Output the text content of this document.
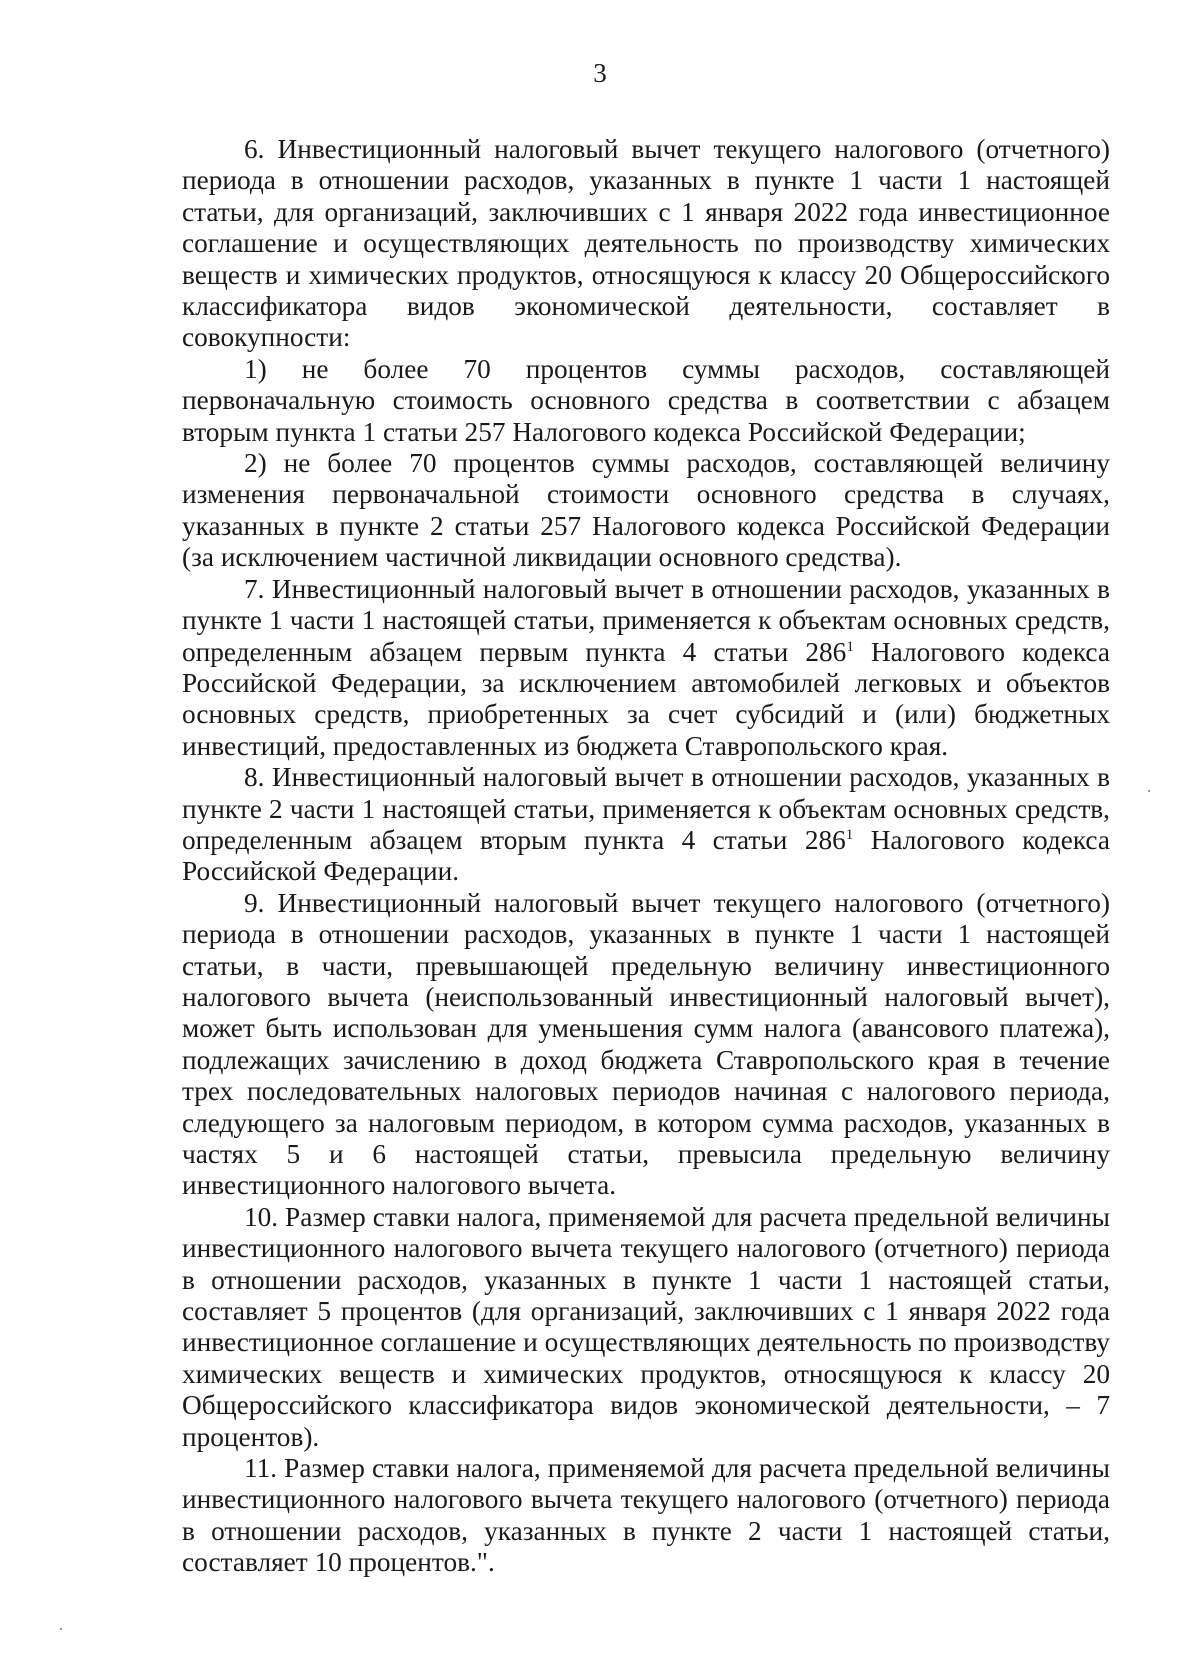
3

6. Инвестиционный налоговый вычет текущего налогового (отчетного) периода в отношении расходов, указанных в пункте 1 части 1 настоящей статьи, для организаций, заключивших с 1 января 2022 года инвестиционное соглашение и осуществляющих деятельность по производству химических веществ и химических продуктов, относящуюся к классу 20 Общероссийского классификатора видов экономической деятельности, составляет в совокупности:

1) не более 70 процентов суммы расходов, составляющей первоначальную стоимость основного средства в соответствии с абзацем вторым пункта 1 статьи 257 Налогового кодекса Российской Федерации;

2) не более 70 процентов суммы расходов, составляющей величину изменения первоначальной стоимости основного средства в случаях, указанных в пункте 2 статьи 257 Налогового кодекса Российской Федерации (за исключением частичной ликвидации основного средства).

7. Инвестиционный налоговый вычет в отношении расходов, указанных в пункте 1 части 1 настоящей статьи, применяется к объектам основных средств, определенным абзацем первым пункта 4 статьи $286^1$ Налогового кодекса Российской Федерации, за исключением автомобилей легковых и объектов основных средств, приобретенных за счет субсидий и (или) бюджетных инвестиций, предоставленных из бюджета Ставропольского края.

8. Инвестиционный налоговый вычет в отношении расходов, указанных в пункте 2 части 1 настоящей статьи, применяется к объектам основных средств, определенным абзацем вторым пункта 4 статьи $286^1$ Налогового кодекса Российской Федерации.

9. Инвестиционный налоговый вычет текущего налогового (отчетного) периода в отношении расходов, указанных в пункте 1 части 1 настоящей статьи, в части, превышающей предельную величину инвестиционного налогового вычета (неиспользованный инвестиционный налоговый вычет), может быть использован для уменьшения сумм налога (авансового платежа), подлежащих зачислению в доход бюджета Ставропольского края в течение трех последовательных налоговых периодов начиная с налогового периода, следующего за налоговым периодом, в котором сумма расходов, указанных в частях 5 и 6 настоящей статьи, превысила предельную величину инвестиционного налогового вычета.

10. Размер ставки налога, применяемой для расчета предельной величины инвестиционного налогового вычета текущего налогового (отчетного) периода в отношении расходов, указанных в пункте 1 части 1 настоящей статьи, составляет 5 процентов (для организаций, заключивших с 1 января 2022 года инвестиционное соглашение и осуществляющих деятельность по производству химических веществ и химических продуктов, относящуюся к классу 20 Общероссийского классификатора видов экономической деятельности, – 7 процентов).

11. Размер ставки налога, применяемой для расчета предельной величины инвестиционного налогового вычета текущего налогового (отчетного) периода в отношении расходов, указанных в пункте 2 части 1 настоящей статьи, составляет 10 процентов.".
